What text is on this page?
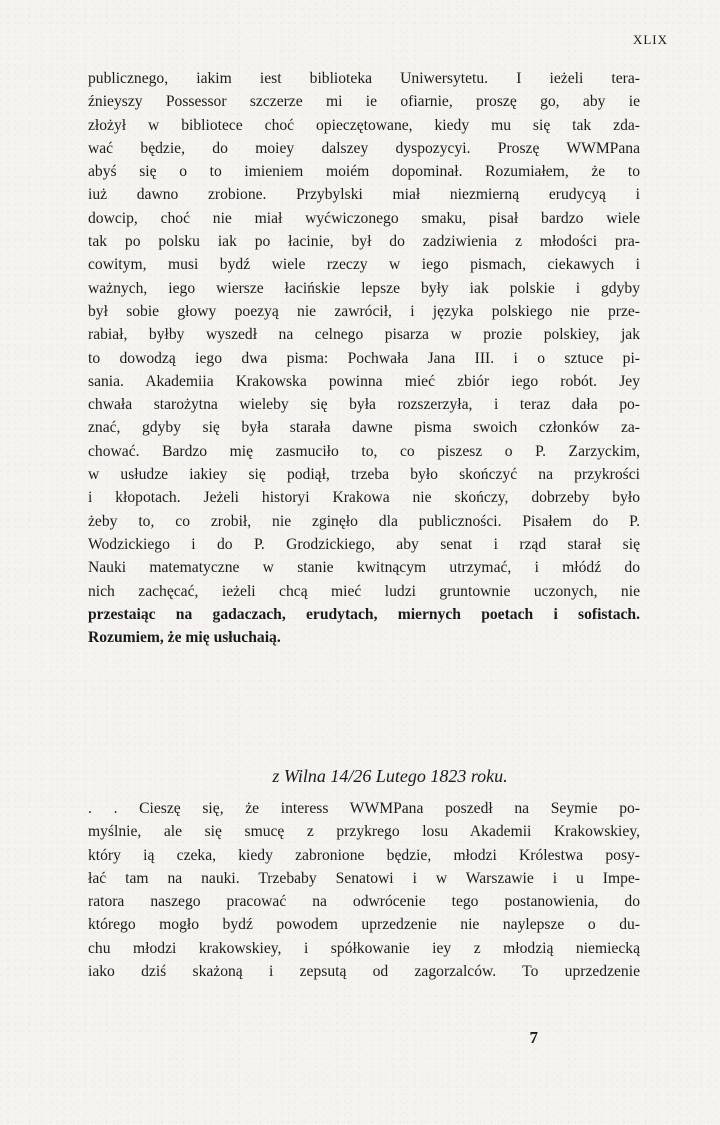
XLIX
publicznego, iakim iest biblioteka Uniwersytetu. I ieżeli tera-
źnieyszy Possessor szczerze mi ie ofiarnie, proszę go, aby ie
złożył w bibliotece choć opieczętowane, kiedy mu się tak zda-
wać będzie, do moiey dalszey dyspozycyi. Proszę WWMPana
abyś się o to imieniem moiém dopominał. Rozumiałem, że to
iuż dawno zrobione. Przybylski miał niezmierną erudycyą i
dowcip, choć nie miał wyćwiczonego smaku, pisał bardzo wiele
tak po polsku iak po łacinie, był do zadziwienia z młodości pra-
cowitym, musi bydź wiele rzeczy w iego pismach, ciekawych i
ważnych, iego wiersze łacińskie lepsze były iak polskie i gdyby
był sobie głowy poezyą nie zawrócił, i języka polskiego nie prze-
rabiał, byłby wyszedł na celnego pisarza w prozie polskiey, jak
to dowodzą iego dwa pisma: Pochwała Jana III. i o sztuce pi-
sania. Akademiia Krakowska powinna mieć zbiór iego robót. Jey
chwała starożytna wieleby się była rozszerzyła, i teraz dała po-
znać, gdyby się była starała dawne pisma swoich członków za-
chować. Bardzo mię zasmuciło to, co piszesz o P. Zarzyckim,
w usłudze iakiey się podiął, trzeba było skończyć na przykrości
i kłopotach. Jeżeli historyi Krakowa nie skończy, dobrzeby było
żeby to, co zrobił, nie zginęło dla publiczności. Pisałem do P.
Wodzickiego i do P. Grodzickiego, aby senat i rząd starał się
Nauki matematyczne w stanie kwitnącym utrzymać, i młódź do
nich zachęcać, ieżeli chcą mieć ludzi gruntownie uczonych, nie
przestaiąc na gadaczach, erudytach, miernych poetach i sofistach.
Rozumiem, że mię usłuchaią.
z Wilna 14/26 Lutego 1823 roku.
. . Cieszę się, że interess WWMPana poszedł na Seymie po-
myślnie, ale się smucę z przykrego losu Akademii Krakowskiey,
który ią czeka, kiedy zabronione będzie, młodzi Królestwa posy-
łać tam na nauki. Trzebaby Senatowi i w Warszawie i u Impe-
ratora naszego pracować na odwrócenie tego postanowienia, do
którego mogło bydź powodem uprzedzenie nie naylepsze o du-
chu młodzi krakowskiey, i spółkowanie iey z młodzią niemiecką
iako dziś skażoną i zepsutą od zagorzalców. To uprzedzenie
7
